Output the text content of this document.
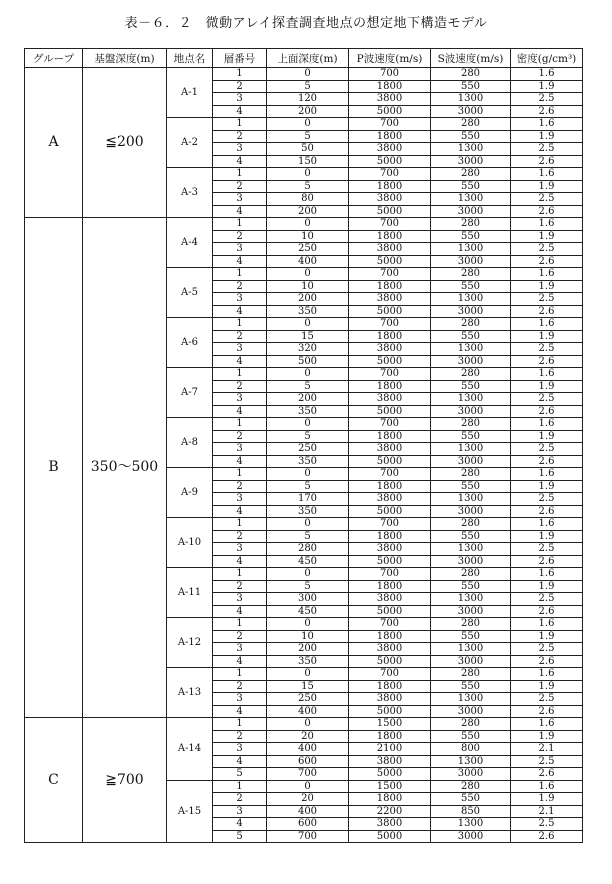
表－６．２　微動アレイ探査調査地点の想定地下構造モデル
グループ	基盤深度(m)	地点名	層番号	上面深度(m)	P波速度(m/s)	S波速度(m/s)	密度(g/cm³)
A	≦200	A-1	1	0	700	280	1.6
			2	5	1800	550	1.9
			3	120	3800	1300	2.5
			4	200	5000	3000	2.6
		A-2	1	0	700	280	1.6
			2	5	1800	550	1.9
			3	50	3800	1300	2.5
			4	150	5000	3000	2.6
		A-3	1	0	700	280	1.6
			2	5	1800	550	1.9
			3	80	3800	1300	2.5
			4	200	5000	3000	2.6
B	350～500	A-4	1	0	700	280	1.6
			2	10	1800	550	1.9
			3	250	3800	1300	2.5
			4	400	5000	3000	2.6
		A-5	1	0	700	280	1.6
			2	10	1800	550	1.9
			3	200	3800	1300	2.5
			4	350	5000	3000	2.6
		A-6	1	0	700	280	1.6
			2	15	1800	550	1.9
			3	320	3800	1300	2.5
			4	500	5000	3000	2.6
		A-7	1	0	700	280	1.6
			2	5	1800	550	1.9
			3	200	3800	1300	2.5
			4	350	5000	3000	2.6
		A-8	1	0	700	280	1.6
			2	5	1800	550	1.9
			3	250	3800	1300	2.5
			4	350	5000	3000	2.6
		A-9	1	0	700	280	1.6
			2	5	1800	550	1.9
			3	170	3800	1300	2.5
			4	350	5000	3000	2.6
		A-10	1	0	700	280	1.6
			2	5	1800	550	1.9
			3	280	3800	1300	2.5
			4	450	5000	3000	2.6
		A-11	1	0	700	280	1.6
			2	5	1800	550	1.9
			3	300	3800	1300	2.5
			4	450	5000	3000	2.6
		A-12	1	0	700	280	1.6
			2	10	1800	550	1.9
			3	200	3800	1300	2.5
			4	350	5000	3000	2.6
		A-13	1	0	700	280	1.6
			2	15	1800	550	1.9
			3	250	3800	1300	2.5
			4	400	5000	3000	2.6
C	≧700	A-14	1	0	1500	280	1.6
			2	20	1800	550	1.9
			3	400	2100	800	2.1
			4	600	3800	1300	2.5
			5	700	5000	3000	2.6
		A-15	1	0	1500	280	1.6
			2	20	1800	550	1.9
			3	400	2200	850	2.1
			4	600	3800	1300	2.5
			5	700	5000	3000	2.6
